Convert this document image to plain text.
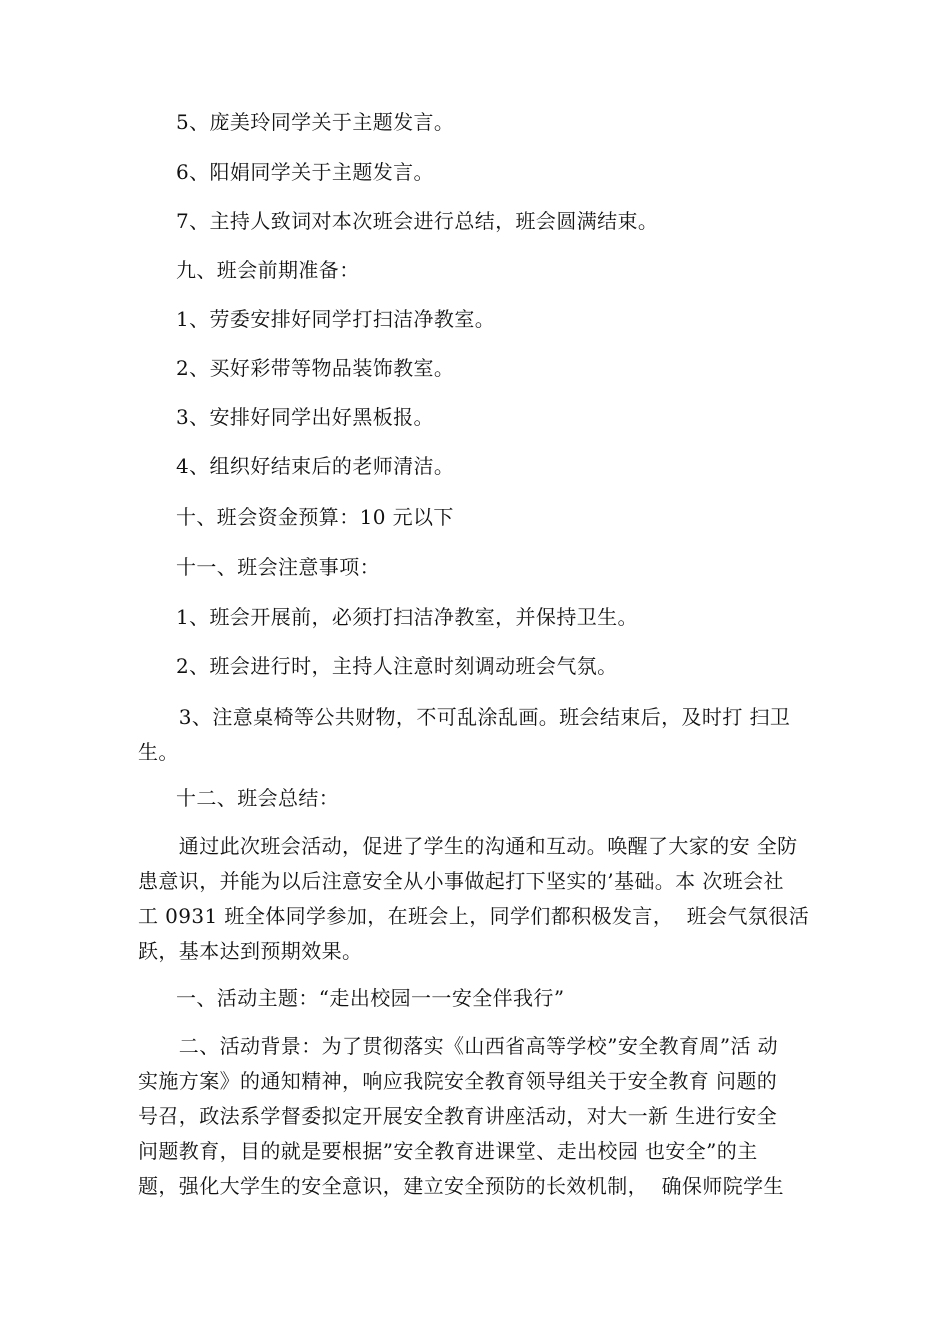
5、庞美玲同学关于主题发言。
6、阳娟同学关于主题发言。
7、主持人致词对本次班会进行总结，班会圆满结束。
九、班会前期准备：
1、劳委安排好同学打扫洁净教室。
2、买好彩带等物品装饰教室。
3、安排好同学出好黑板报。
4、组织好结束后的老师清洁。
十、班会资金预算：10 元以下
十一、班会注意事项：
1、班会开展前，必须打扫洁净教室，并保持卫生。
2、班会进行时，主持人注意时刻调动班会气氛。
　　3、注意桌椅等公共财物，不可乱涂乱画。班会结束后，及时打 扫卫
生。
十二、班会总结：
　　通过此次班会活动，促进了学生的沟通和互动。唤醒了大家的安 全防
患意识，并能为以后注意安全从小事做起打下坚实的’基础。本 次班会社
工 0931 班全体同学参加，在班会上，同学们都积极发言，  班会气氛很活
跃，基本达到预期效果。
一、活动主题：“走出校园一一安全伴我行”
　　二、活动背景：为了贯彻落实《山西省高等学校”安全教育周”活 动
实施方案》的通知精神，响应我院安全教育领导组关于安全教育 问题的
号召，政法系学督委拟定开展安全教育讲座活动，对大一新 生进行安全
问题教育，目的就是要根据”安全教育进课堂、走出校园 也安全”的主
题，强化大学生的安全意识，建立安全预防的长效机制，  确保师院学生
